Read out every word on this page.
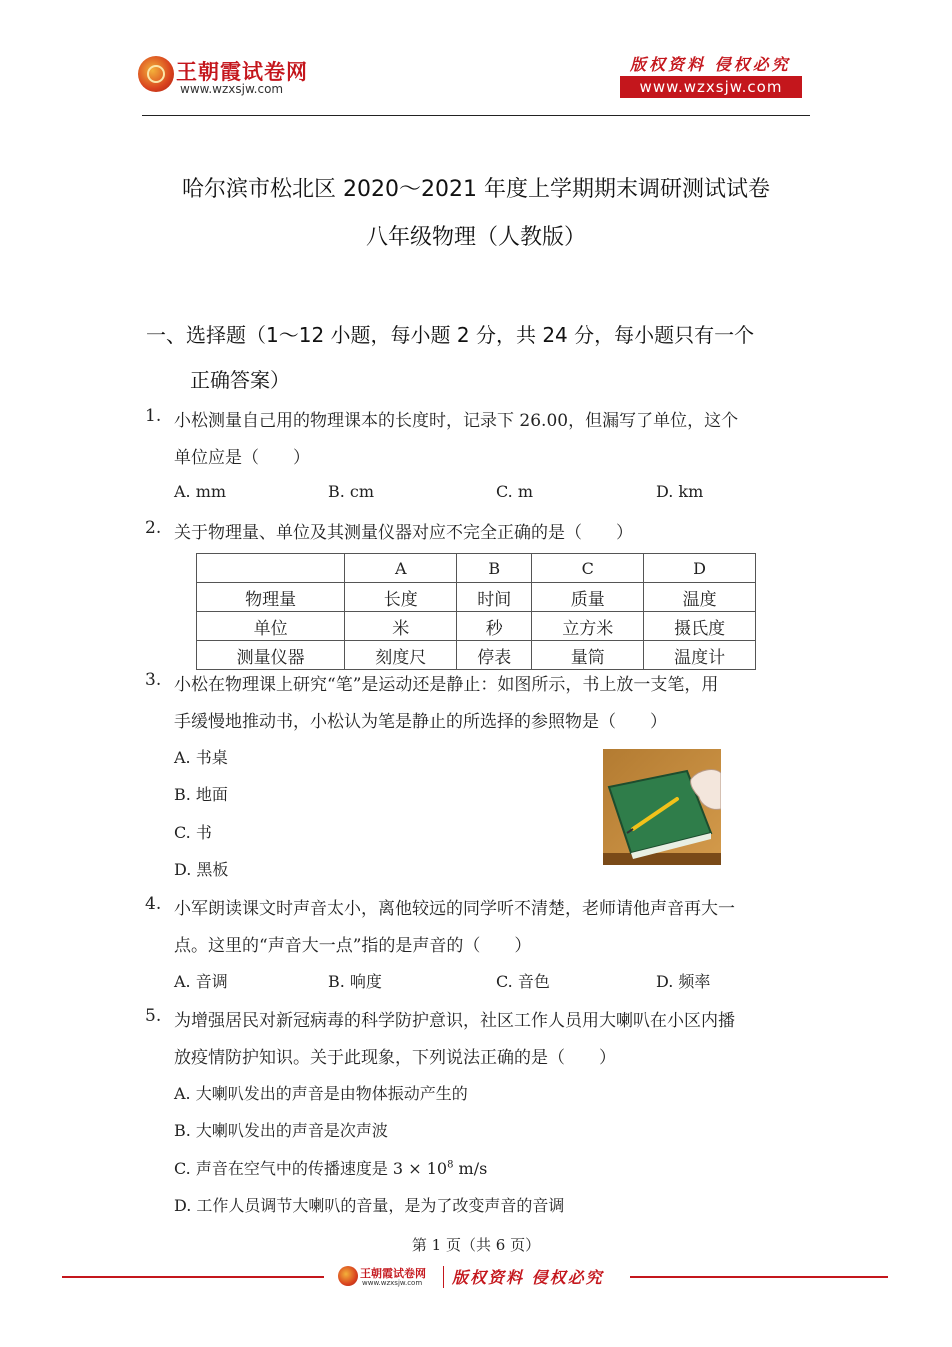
王朝霞试卷网
www.wzxsjw.com
版权资料 侵权必究
www.wzxsjw.com
哈尔滨市松北区 2020～2021 年度上学期期末调研测试试卷
八年级物理（人教版）
一、选择题（1～12 小题，每小题 2 分，共 24 分，每小题只有一个
正确答案）
1. 小松测量自己用的物理课本的长度时，记录下 26.00，但漏写了单位，这个
单位应是（　　）
A. mm	B. cm	C. m	D. km
2. 关于物理量、单位及其测量仪器对应不完全正确的是（　　）
	A	B	C	D
物理量	长度	时间	质量	温度
单位	米	秒	立方米	摄氏度
测量仪器	刻度尺	停表	量筒	温度计
3. 小松在物理课上研究“笔”是运动还是静止：如图所示，书上放一支笔，用
手缓慢地推动书，小松认为笔是静止的所选择的参照物是（　　）
A. 书桌
B. 地面
C. 书
D. 黑板
4. 小军朗读课文时声音太小，离他较远的同学听不清楚，老师请他声音再大一
点。这里的“声音大一点”指的是声音的（　　）
A. 音调	B. 响度	C. 音色	D. 频率
5. 为增强居民对新冠病毒的科学防护意识，社区工作人员用大喇叭在小区内播
放疫情防护知识。关于此现象，下列说法正确的是（　　）
A. 大喇叭发出的声音是由物体振动产生的
B. 大喇叭发出的声音是次声波
C. 声音在空气中的传播速度是 $3 \times 10^8$ m/s
D. 工作人员调节大喇叭的音量，是为了改变声音的音调
第 1 页（共 6 页）
王朝霞试卷网
www.wzxsjw.com 版权资料 侵权必究
